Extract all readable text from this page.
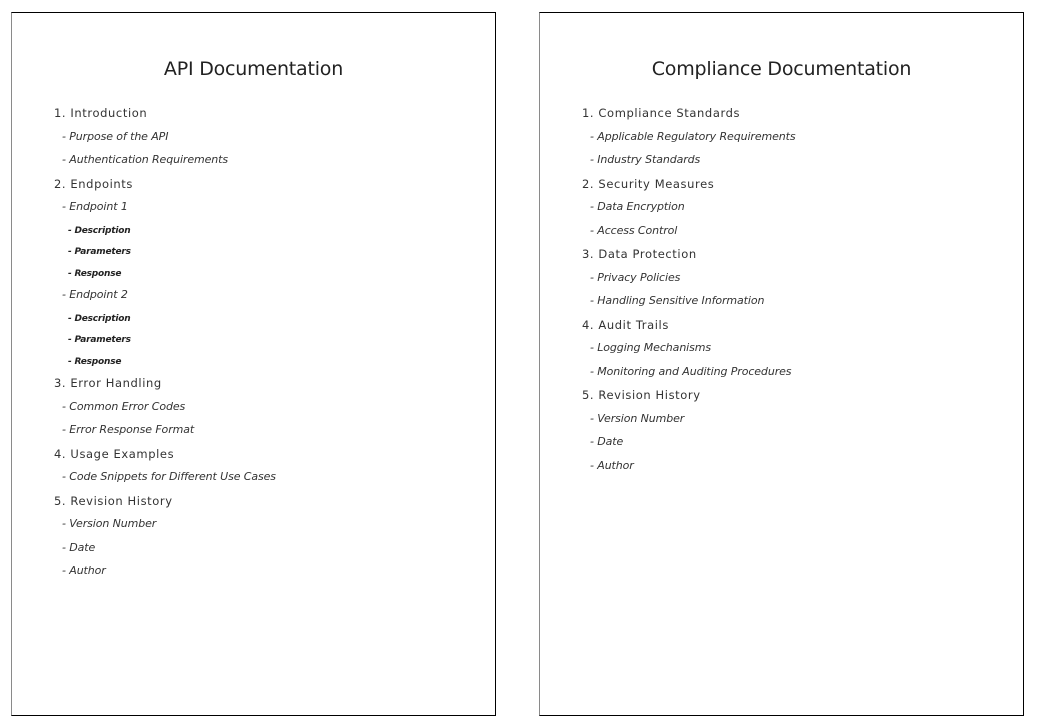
API Documentation
1. Introduction
- Purpose of the API
- Authentication Requirements
2. Endpoints
- Endpoint 1
- Description
- Parameters
- Response
- Endpoint 2
- Description
- Parameters
- Response
3. Error Handling
- Common Error Codes
- Error Response Format
4. Usage Examples
- Code Snippets for Different Use Cases
5. Revision History
- Version Number
- Date
- Author
Compliance Documentation
1. Compliance Standards
- Applicable Regulatory Requirements
- Industry Standards
2. Security Measures
- Data Encryption
- Access Control
3. Data Protection
- Privacy Policies
- Handling Sensitive Information
4. Audit Trails
- Logging Mechanisms
- Monitoring and Auditing Procedures
5. Revision History
- Version Number
- Date
- Author
